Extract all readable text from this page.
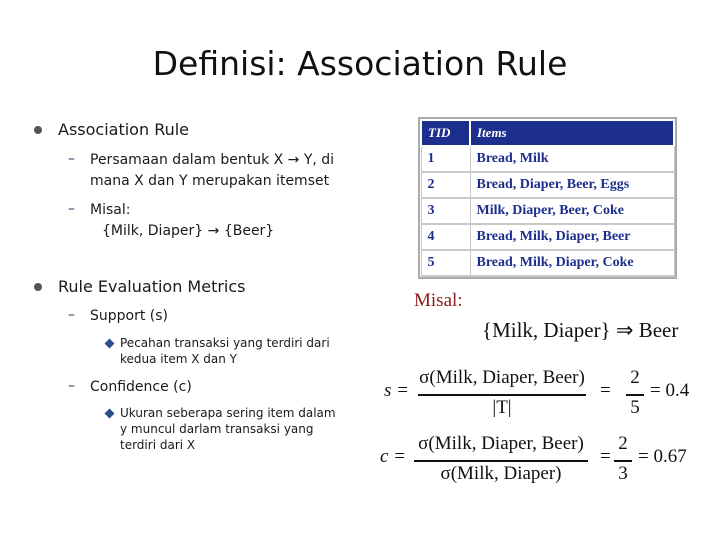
Definisi: Association Rule
Association Rule
– Persamaan dalam bentuk X → Y, di
mana X dan Y merupakan itemset
– Misal:
{Milk, Diaper} → {Beer}
Rule Evaluation Metrics
– Support (s)
Pecahan transaksi yang terdiri dari
kedua item X dan Y
– Confidence (c)
Ukuran seberapa sering item dalam
y muncul darlam transaksi yang
terdiri dari X
TID	Items
1	Bread, Milk
2	Bread, Diaper, Beer, Eggs
3	Milk, Diaper, Beer, Coke
4	Bread, Milk, Diaper, Beer
5	Bread, Milk, Diaper, Coke
Misal:
{Milk, Diaper} ⇒ Beer
s =
σ(Milk, Diaper, Beer)
|T|
=
2
5
= 0.4
c =
σ(Milk, Diaper, Beer)
σ(Milk, Diaper)
=
2
3
= 0.67
